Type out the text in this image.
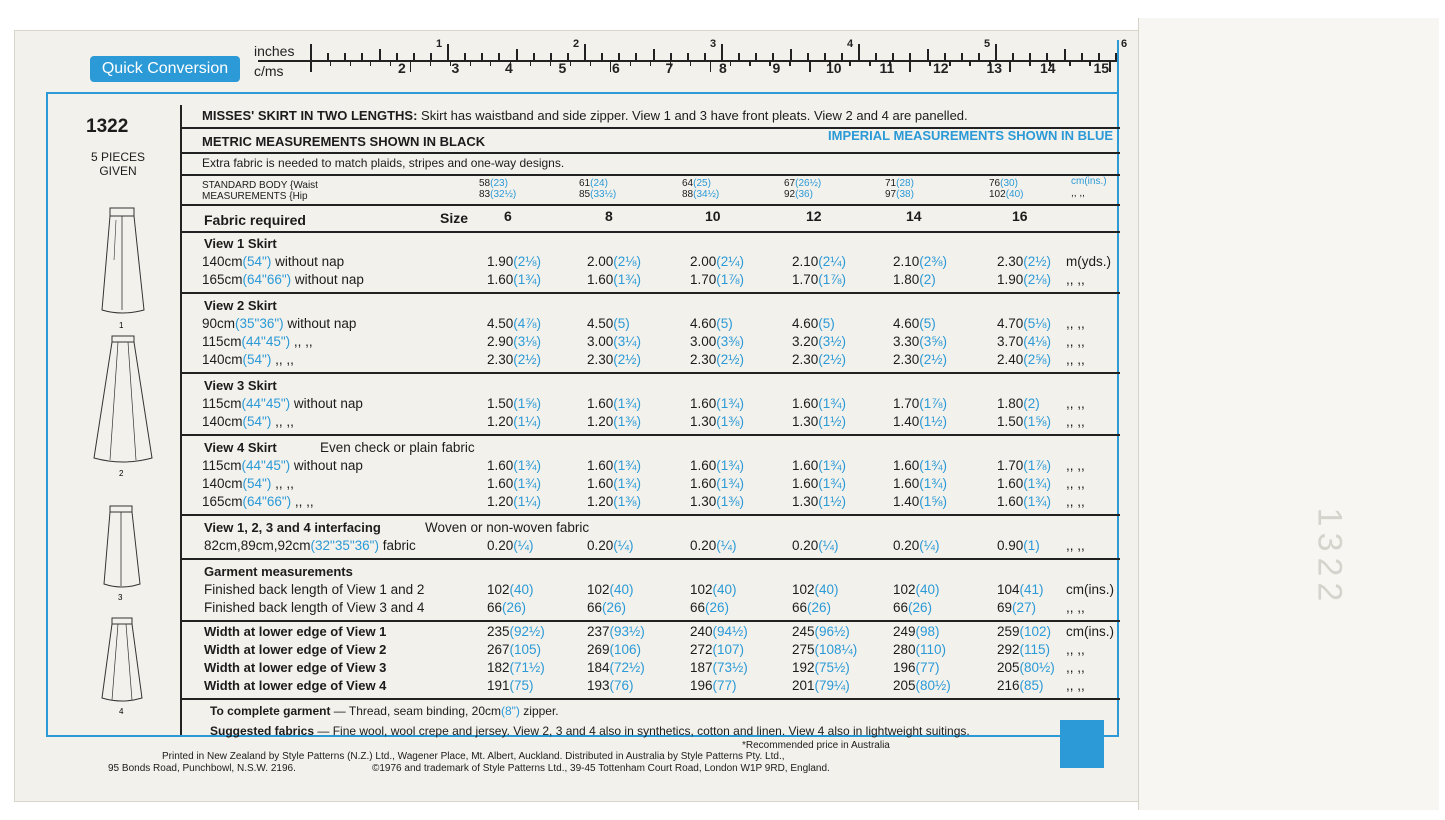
1322
Quick Conversion
inches
c/ms
1	2	3	4	5	6
2	3	4	5	6	7	8	9	10	11	12	13	14	15
1322
5 PIECES GIVEN
1
2
3
4
MISSES' SKIRT IN TWO LENGTHS: Skirt has waistband and side zipper. View 1 and 3 have front pleats. View 2 and 4 are panelled.
METRIC MEASUREMENTS SHOWN IN BLACK	IMPERIAL MEASUREMENTS SHOWN IN BLUE
Extra fabric is needed to match plaids, stripes and one-way designs.
STANDARD BODY {Waist
MEASUREMENTS {Hip
58(23)	61(24)	64(25)	67(26½)	71(28)	76(30)
83(32½)	85(33½)	88(34½)	92(36)	97(38)	102(40)
cm(ins.)
,, ,,
Fabric required	Size	6	8	10	12	14	16
View 1 Skirt
140cm(54") without nap	1.90(2⅛)	2.00(2⅛)	2.00(2¼)	2.10(2¼)	2.10(2⅜)	2.30(2½) m(yds.)
165cm(64"66") without nap	1.60(1¾)	1.60(1¾)	1.70(1⅞)	1.70(1⅞)	1.80(2)	1.90(2⅛) ,, ,,
View 2 Skirt
90cm(35"36") without nap	4.50(4⅞)	4.50(5)	4.60(5)	4.60(5)	4.60(5)	4.70(5⅛) ,, ,,
115cm(44"45") ,, ,,	2.90(3⅛)	3.00(3¼)	3.00(3⅜)	3.20(3½)	3.30(3⅝)	3.70(4⅛) ,, ,,
140cm(54") ,, ,,	2.30(2½)	2.30(2½)	2.30(2½)	2.30(2½)	2.30(2½)	2.40(2⅝) ,, ,,
View 3 Skirt
115cm(44"45") without nap	1.50(1⅝)	1.60(1¾)	1.60(1¾)	1.60(1¾)	1.70(1⅞)	1.80(2) ,, ,,
140cm(54") ,, ,,	1.20(1¼)	1.20(1⅜)	1.30(1⅜)	1.30(1½)	1.40(1½)	1.50(1⅝) ,, ,,
View 4 Skirt	Even check or plain fabric
115cm(44"45") without nap	1.60(1¾)	1.60(1¾)	1.60(1¾)	1.60(1¾)	1.60(1¾)	1.70(1⅞) ,, ,,
140cm(54") ,, ,,	1.60(1¾)	1.60(1¾)	1.60(1¾)	1.60(1¾)	1.60(1¾)	1.60(1¾) ,, ,,
165cm(64"66") ,, ,,	1.20(1¼)	1.20(1⅜)	1.30(1⅜)	1.30(1½)	1.40(1⅝)	1.60(1¾) ,, ,,
View 1, 2, 3 and 4 interfacing	Woven or non-woven fabric
82cm,89cm,92cm(32"35"36") fabric	0.20(¼)	0.20(¼)	0.20(¼)	0.20(¼)	0.20(¼)	0.90(1) ,, ,,
Garment measurements
Finished back length of View 1 and 2	102(40)	102(40)	102(40)	102(40)	102(40)	104(41) cm(ins.)
Finished back length of View 3 and 4	66(26)	66(26)	66(26)	66(26)	66(26)	69(27) ,, ,,
Width at lower edge of View 1	235(92½)	237(93½)	240(94½)	245(96½)	249(98)	259(102) cm(ins.)
Width at lower edge of View 2	267(105)	269(106)	272(107)	275(108¼)	280(110)	292(115) ,, ,,
Width at lower edge of View 3	182(71½)	184(72½)	187(73½)	192(75½)	196(77)	205(80½) ,, ,,
Width at lower edge of View 4	191(75)	193(76)	196(77)	201(79¼)	205(80½)	216(85) ,, ,,
To complete garment — Thread, seam binding, 20cm(8") zipper.
Suggested fabrics — Fine wool, wool crepe and jersey. View 2, 3 and 4 also in synthetics, cotton and linen. View 4 also in lightweight suitings.
Printed in New Zealand by Style Patterns (N.Z.) Ltd., Wagener Place, Mt. Albert, Auckland. Distributed in Australia by Style Patterns Pty. Ltd.,
95 Bonds Road, Punchbowl, N.S.W. 2196.	©1976 and trademark of Style Patterns Ltd., 39-45 Tottenham Court Road, London W1P 9RD, England.
*Recommended price in Australia
